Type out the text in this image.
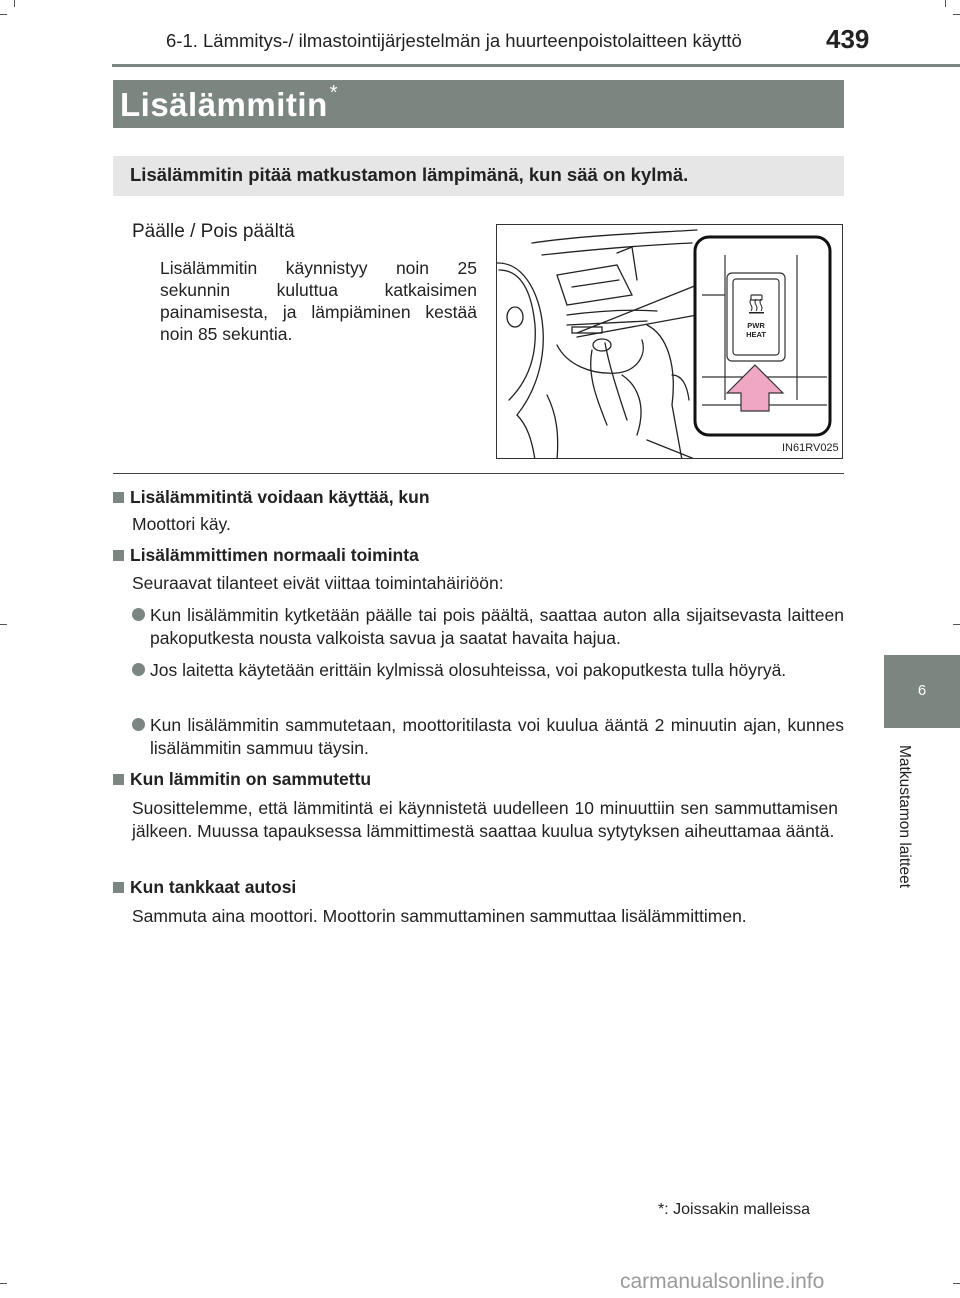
6-1. Lämmitys-/ ilmastointijärjestelmän ja huurteenpoistolaitteen käyttö	439
Lisälämmitin *
Lisälämmitin pitää matkustamon lämpimänä, kun sää on kylmä.
Päälle / Pois päältä
Lisälämmitin käynnistyy noin 25 sekunnin kuluttua katkaisimen painamisesta, ja lämpiäminen kestää noin 85 sekuntia.	PWR
HEAT
IN61RV025
Lisälämmitintä voidaan käyttää, kun
Moottori käy.
Lisälämmittimen normaali toiminta
Seuraavat tilanteet eivät viittaa toimintahäiriöön:
Kun lisälämmitin kytketään päälle tai pois päältä, saattaa auton alla sijaitsevasta laitteen pakoputkesta nousta valkoista savua ja saatat havaita hajua.
Jos laitetta käytetään erittäin kylmissä olosuhteissa, voi pakoputkesta tulla höyryä.
Kun lisälämmitin sammutetaan, moottoritilasta voi kuulua ääntä 2 minuutin ajan, kunnes lisälämmitin sammuu täysin.
Kun lämmitin on sammutettu
Suosittelemme, että lämmitintä ei käynnistetä uudelleen 10 minuuttiin sen sammuttamisen jälkeen. Muussa tapauksessa lämmittimestä saattaa kuulua sytytyksen aiheuttamaa ääntä.
Kun tankkaat autosi
Sammuta aina moottori. Moottorin sammuttaminen sammuttaa lisälämmittimen.
6
Matkustamon laitteet
*: Joissakin malleissa
carmanualsonline.info
